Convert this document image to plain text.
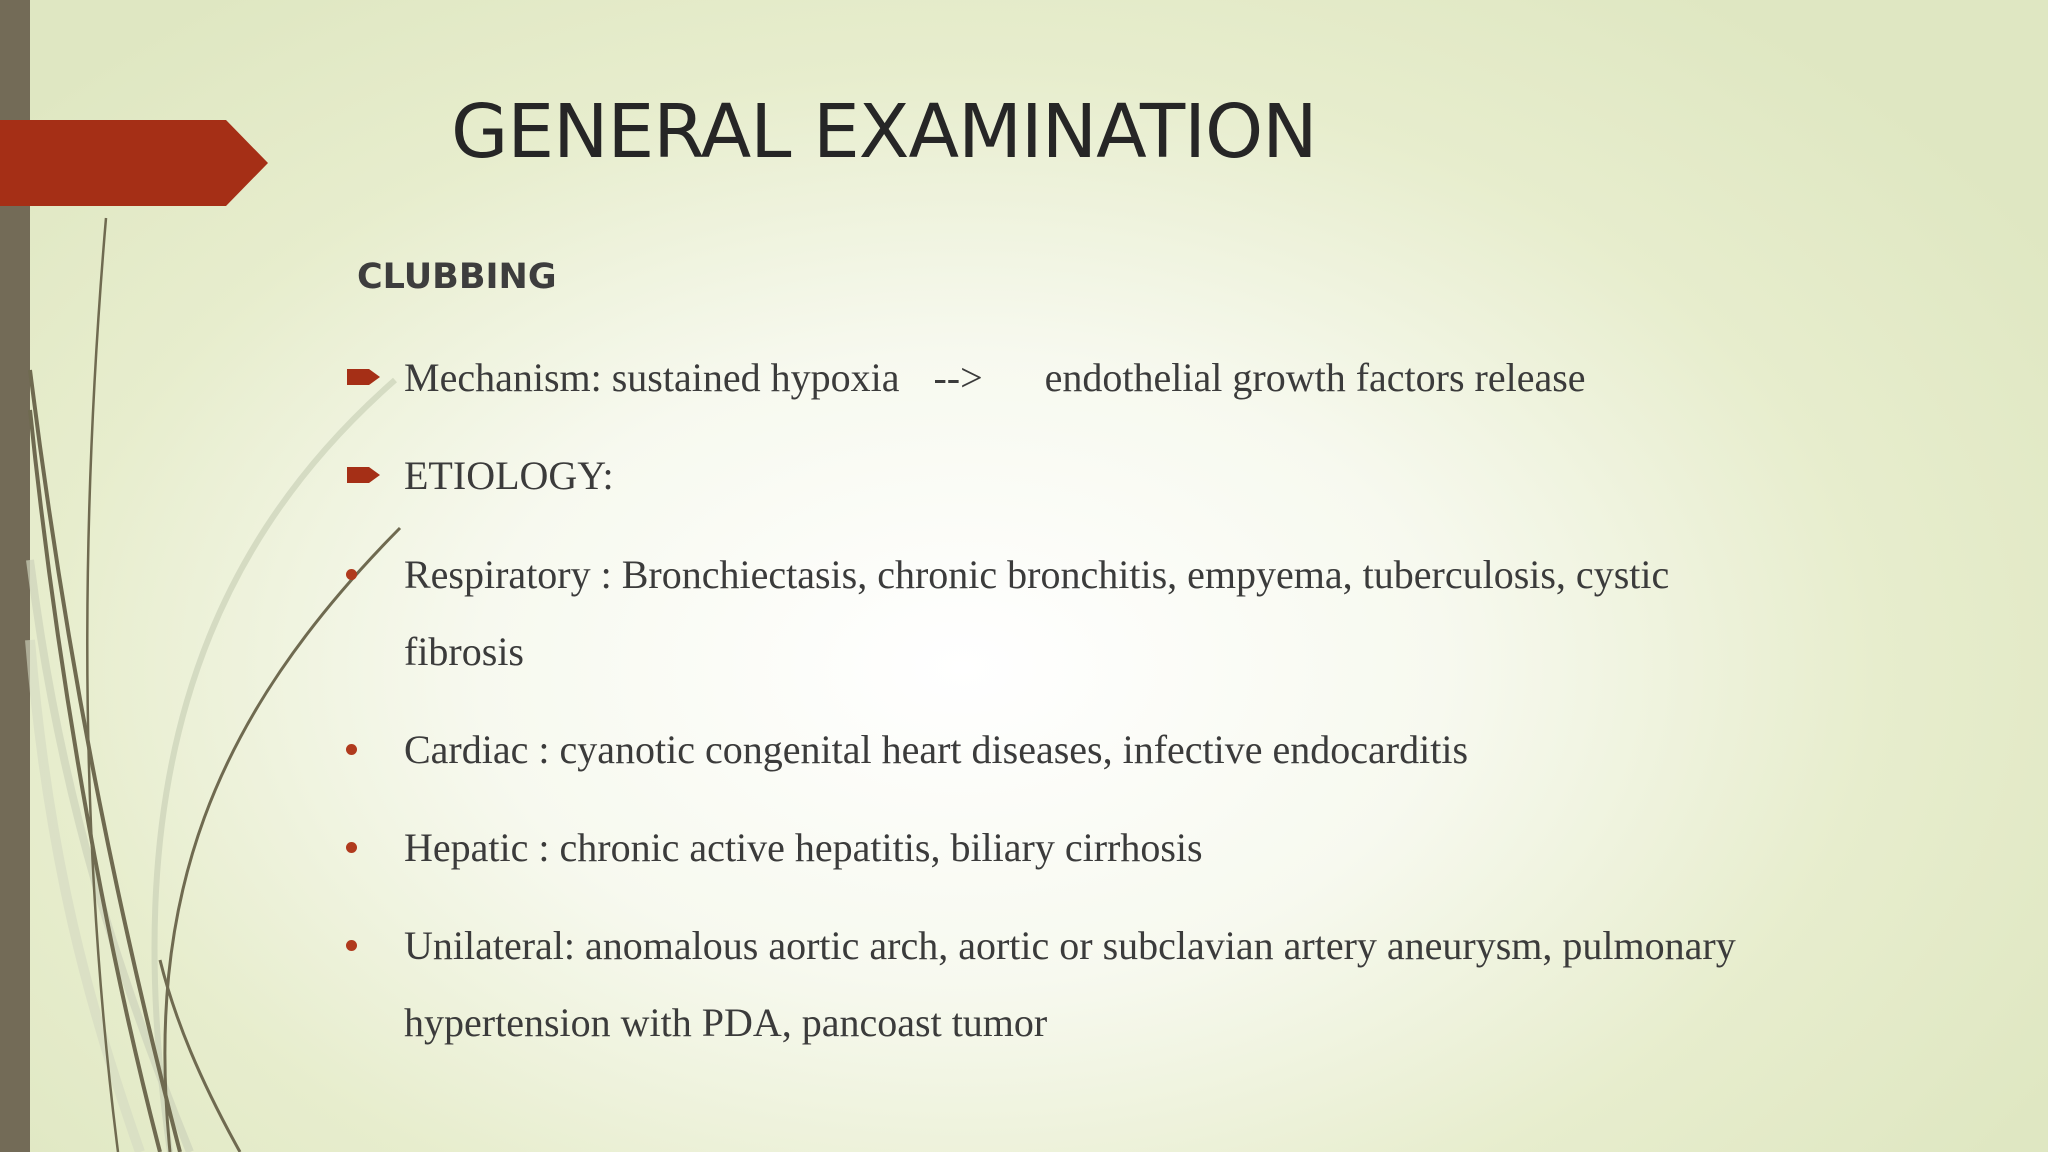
GENERAL EXAMINATION
CLUBBING
Mechanism: sustained hypoxia --> endothelial growth factors release
ETIOLOGY:
Respiratory : Bronchiectasis, chronic bronchitis, empyema, tuberculosis, cystic fibrosis
Cardiac : cyanotic congenital heart diseases, infective endocarditis
Hepatic : chronic active hepatitis, biliary cirrhosis
Unilateral: anomalous aortic arch, aortic or subclavian artery aneurysm, pulmonary hypertension with PDA, pancoast tumor
